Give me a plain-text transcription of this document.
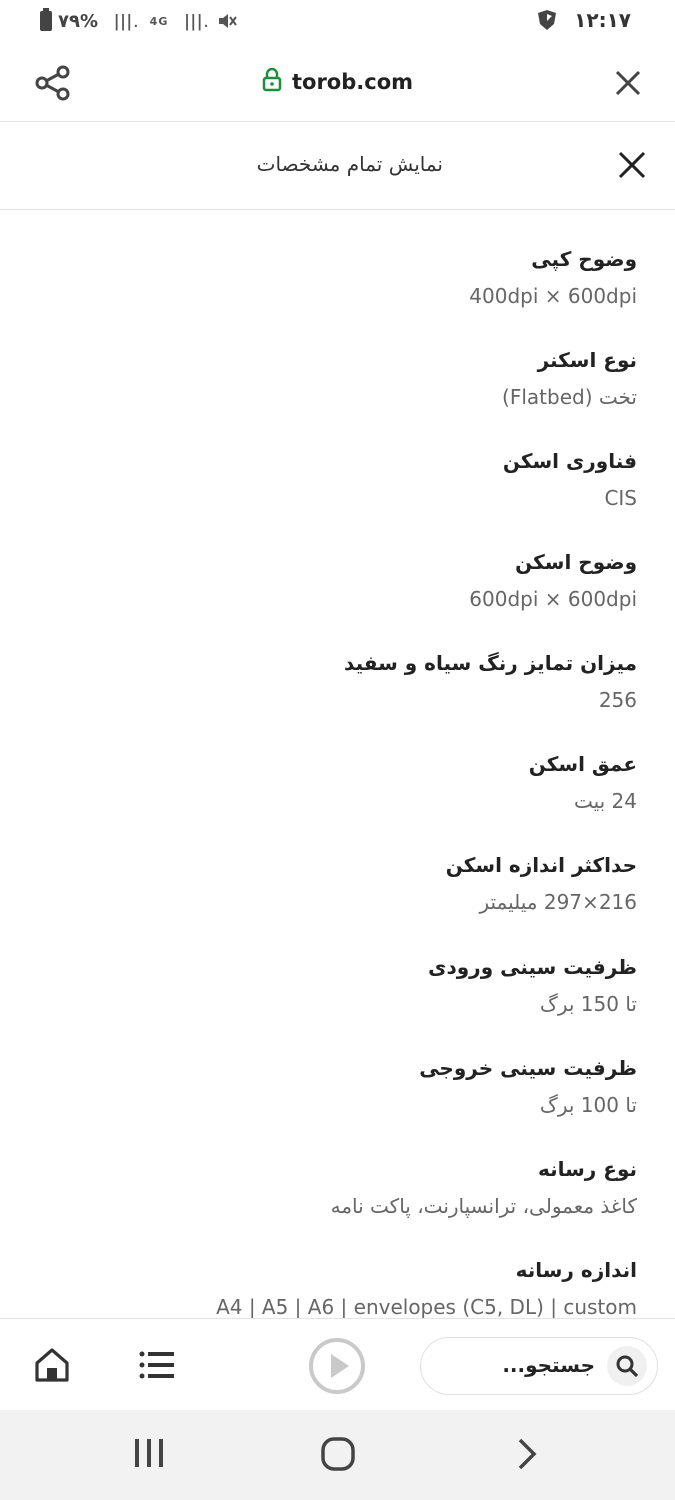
۷۹% ǀǀǀ. 4G ǀǀǀ.	۱۲:۱۷
torob.com
نمایش تمام مشخصات
وضوح کپی
400dpi × 600dpi
نوع اسکنر
تخت (Flatbed)
فناوری اسکن
CIS
وضوح اسکن
600dpi × 600dpi
میزان تمایز رنگ سیاه و سفید
256
عمق اسکن
24 بیت
حداکثر اندازه اسکن
216×297 میلیمتر
ظرفیت سینی ورودی
تا 150 برگ
ظرفیت سینی خروجی
تا 100 برگ
نوع رسانه
کاغذ معمولی، ترانسپارنت، پاکت نامه
اندازه رسانه
A4 | A5 | A6 | envelopes (C5, DL) | custom
جستجو...
